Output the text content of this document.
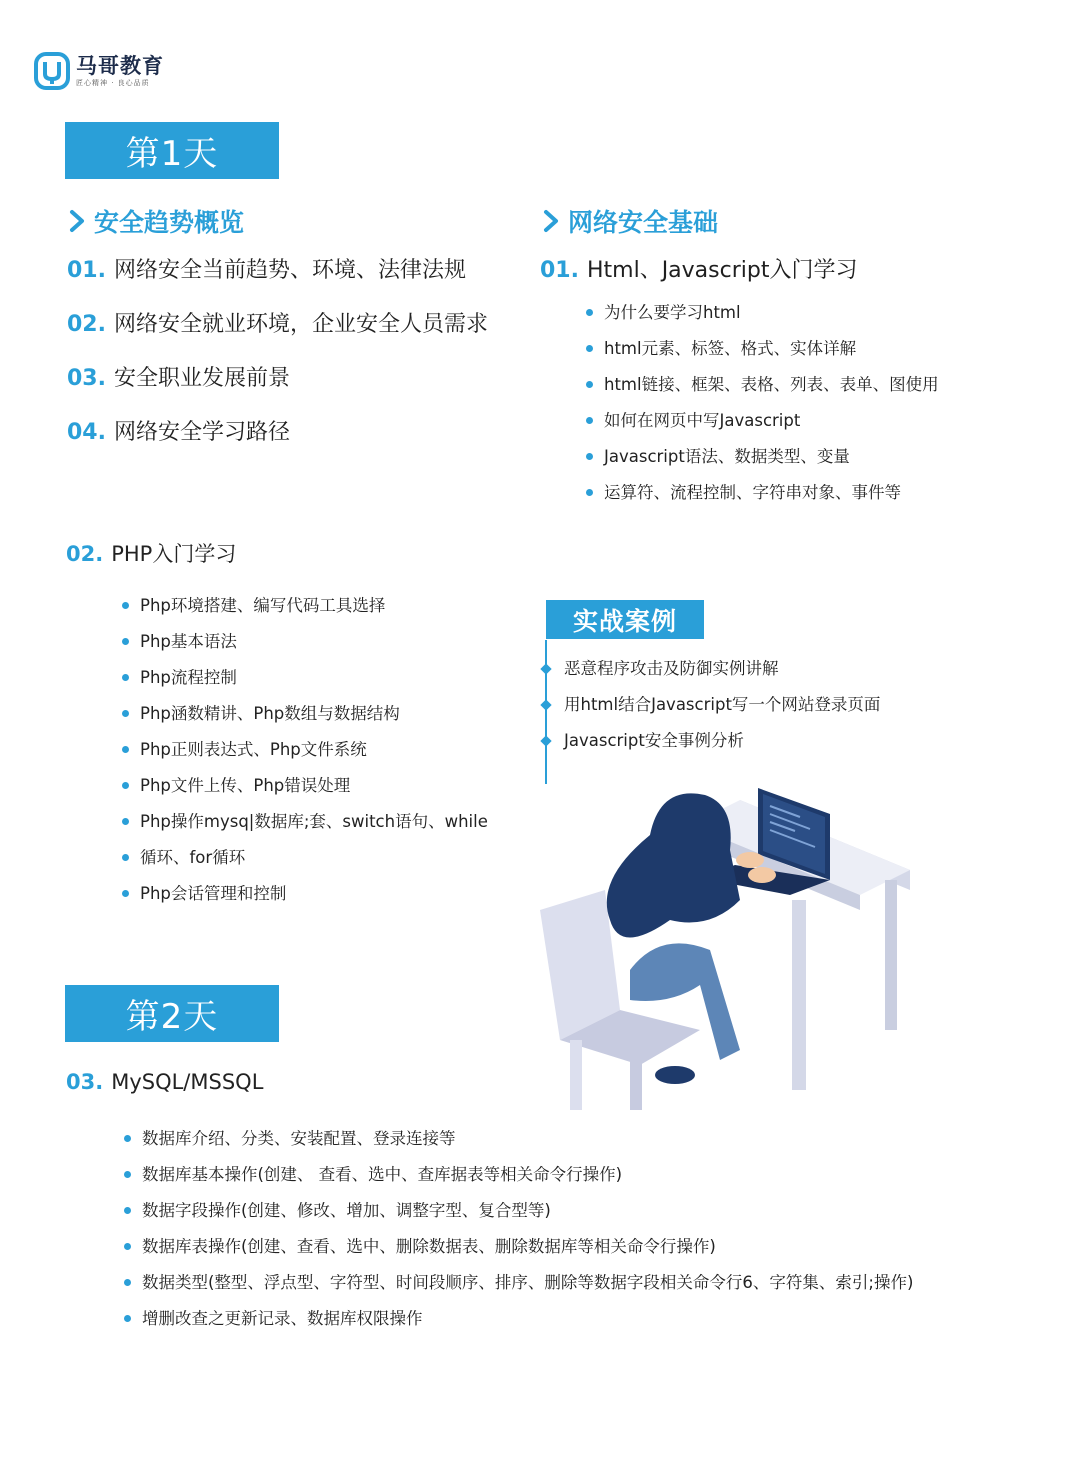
马哥教育
匠心精神 · 良心品质
第1天
安全趋势概览	网络安全基础
01. 网络安全当前趋势、环境、法律法规
02. 网络安全就业环境，企业安全人员需求
03. 安全职业发展前景
04. 网络安全学习路径
01. Html、Javascript入门学习
为什么要学习html
html元素、标签、格式、实体详解
html链接、框架、表格、列表、表单、图使用
如何在网页中写Javascript
Javascript语法、数据类型、变量
运算符、流程控制、字符串对象、事件等
02. PHP入门学习
Php环境搭建、编写代码工具选择
Php基本语法
Php流程控制
Php涵数精讲、Php数组与数据结构
Php正则表达式、Php文件系统
Php文件上传、Php错误处理
Php操作mysq|数据库;套、switch语句、while
循环、for循环
Php会话管理和控制
实战案例
恶意程序攻击及防御实例讲解
用html结合Javascript写一个网站登录页面
Javascript安全事例分析
第2天
03. MySQL/MSSQL
数据库介绍、分类、安装配置、登录连接等
数据库基本操作(创建、 查看、选中、查库据表等相关命令行操作)
数据字段操作(创建、修改、增加、调整字型、复合型等)
数据库表操作(创建、查看、选中、删除数据表、删除数据库等相关命令行操作)
数据类型(整型、浮点型、字符型、时间段顺序、排序、删除等数据字段相关命令行6、字符集、索引;操作)
增删改查之更新记录、数据库权限操作
